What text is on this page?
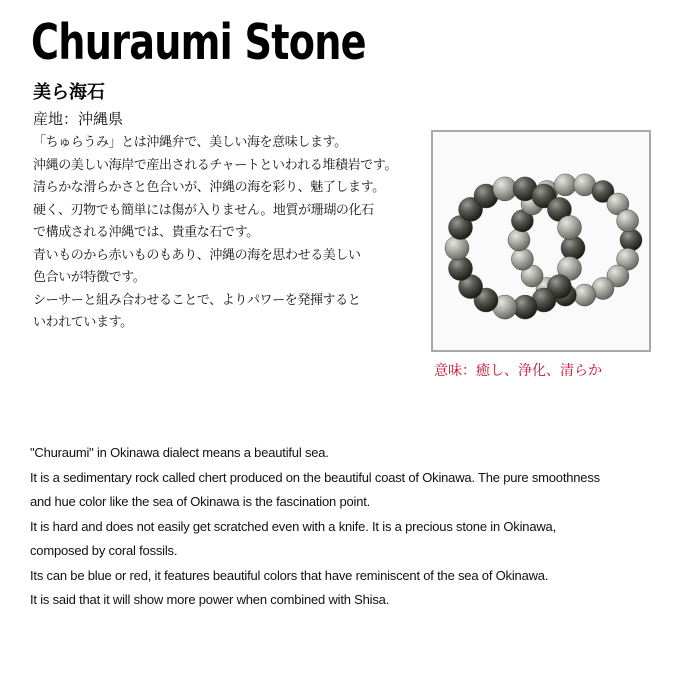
Churaumi Stone
美ら海石
産地：沖縄県
「ちゅらうみ」とは沖縄弁で、美しい海を意味します。
沖縄の美しい海岸で産出されるチャートといわれる堆積岩です。
清らかな滑らかさと色合いが、沖縄の海を彩り、魅了します。
硬く、刃物でも簡単には傷が入りません。地質が珊瑚の化石
で構成される沖縄では、貴重な石です。
青いものから赤いものもあり、沖縄の海を思わせる美しい
色合いが特徴です。
シーサーと組み合わせることで、よりパワーを発揮すると
いわれています。
意味：癒し、浄化、清らか
"Churaumi" in Okinawa dialect means a beautiful sea.
It is a sedimentary rock called chert produced on the beautiful coast of Okinawa. The pure smoothness
and hue color like the sea of Okinawa is the fascination point.
It is hard and does not easily get scratched even with a knife. It is a precious stone in Okinawa,
composed by coral fossils.
Its can be blue or red, it features beautiful colors that have reminiscent of the sea of Okinawa.
It is said that it will show more power when combined with Shisa.
